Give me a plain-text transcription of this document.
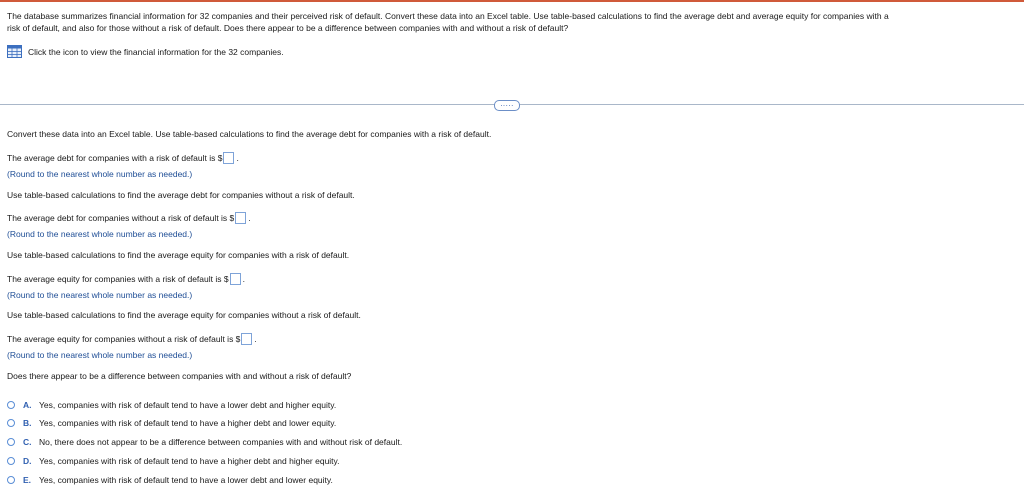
The database summarizes financial information for 32 companies and their perceived risk of default. Convert these data into an Excel table. Use table-based calculations to find the average debt and average equity for companies with a
risk of default, and also for those without a risk of default. Does there appear to be a difference between companies with and without a risk of default?
Click the icon to view the financial information for the 32 companies.
.....
Convert these data into an Excel table. Use table-based calculations to find the average debt for companies with a risk of default.
The average debt for companies with a risk of default is $ .
(Round to the nearest whole number as needed.)
Use table-based calculations to find the average debt for companies without a risk of default.
The average debt for companies without a risk of default is $ .
(Round to the nearest whole number as needed.)
Use table-based calculations to find the average equity for companies with a risk of default.
The average equity for companies with a risk of default is $ .
(Round to the nearest whole number as needed.)
Use table-based calculations to find the average equity for companies without a risk of default.
The average equity for companies without a risk of default is $ .
(Round to the nearest whole number as needed.)
Does there appear to be a difference between companies with and without a risk of default?
A. Yes, companies with risk of default tend to have a lower debt and higher equity.
B. Yes, companies with risk of default tend to have a higher debt and lower equity.
C. No, there does not appear to be a difference between companies with and without risk of default.
D. Yes, companies with risk of default tend to have a higher debt and higher equity.
E. Yes, companies with risk of default tend to have a lower debt and lower equity.
